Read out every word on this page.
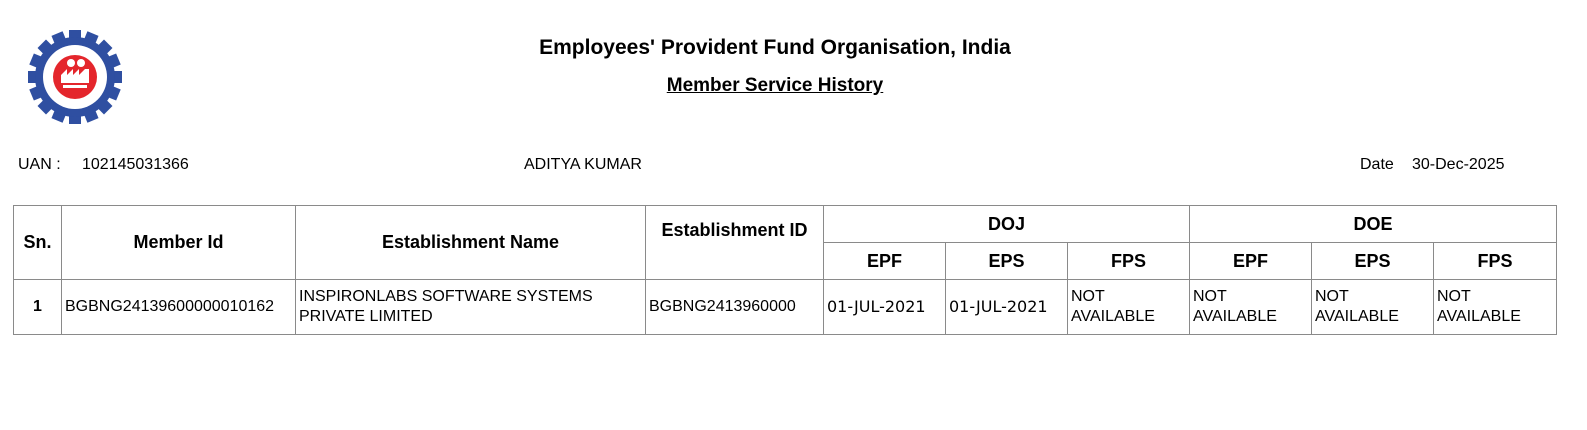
Employees' Provident Fund Organisation, India
Member Service History
UAN : 102145031366	ADITYA KUMAR	Date 30-Dec-2025
Sn.	Member Id	Establishment Name	Establishment ID	DOJ			DOE		
				EPF	EPS	FPS	EPF	EPS	FPS
1	BGBNG24139600000010162	INSPIRONLABS SOFTWARE SYSTEMS PRIVATE LIMITED	BGBNG2413960000	01-JUL-2021	01-JUL-2021	NOT AVAILABLE	NOT AVAILABLE	NOT AVAILABLE	NOT AVAILABLE
